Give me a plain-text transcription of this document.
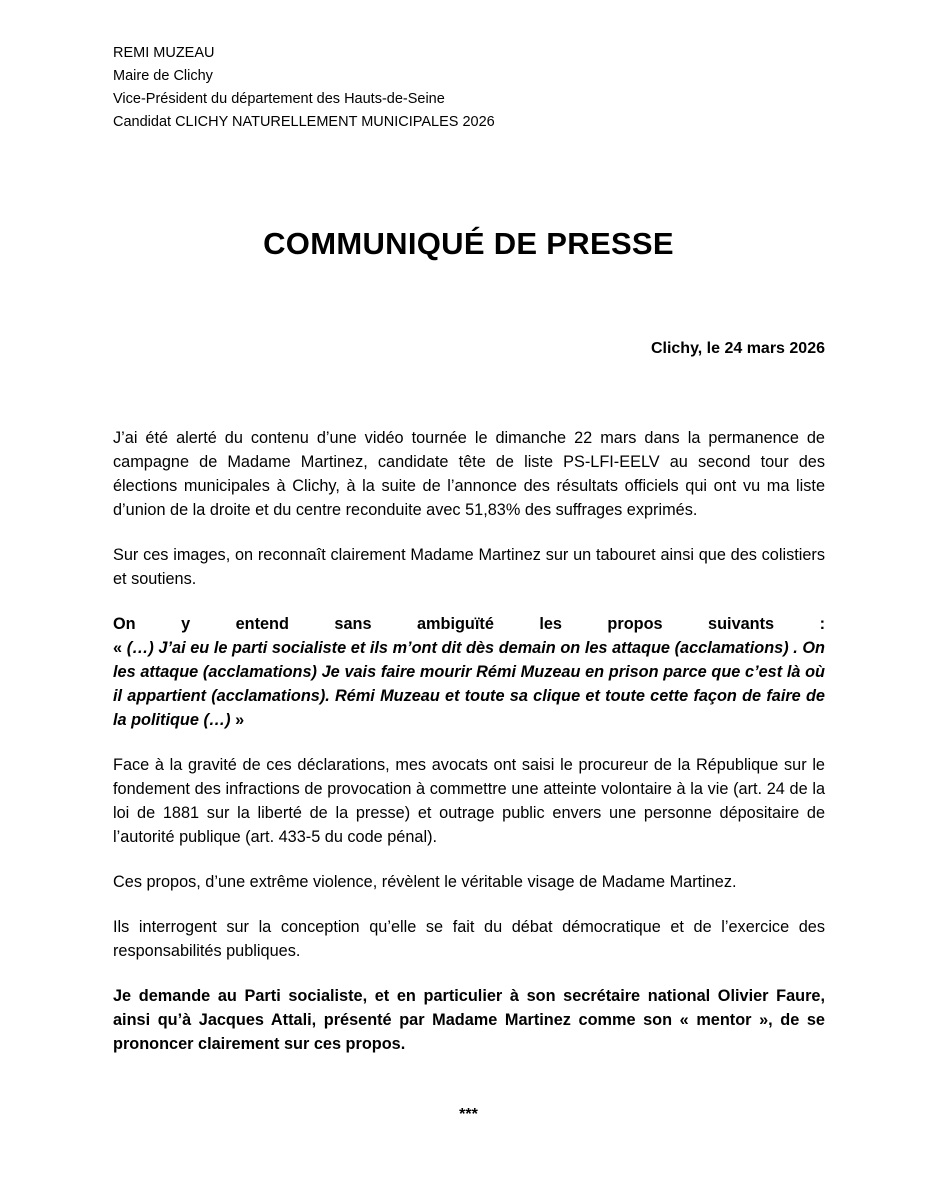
REMI MUZEAU
Maire de Clichy
Vice-Président du département des Hauts-de-Seine
Candidat CLICHY NATURELLEMENT MUNICIPALES 2026
COMMUNIQUÉ DE PRESSE
Clichy, le 24 mars 2026

J’ai été alerté du contenu d’une vidéo tournée le dimanche 22 mars dans la permanence de campagne de Madame Martinez, candidate tête de liste PS-LFI-EELV au second tour des élections municipales à Clichy, à la suite de l’annonce des résultats officiels qui ont vu ma liste d’union de la droite et du centre reconduite avec 51,83% des suffrages exprimés.

Sur ces images, on reconnaît clairement Madame Martinez sur un tabouret ainsi que des colistiers et soutiens.

On y entend sans ambiguïté les propos suivants :
« (…) J’ai eu le parti socialiste et ils m’ont dit dès demain on les attaque (acclamations) . On les attaque (acclamations) Je vais faire mourir Rémi Muzeau en prison parce que c’est là où il appartient (acclamations). Rémi Muzeau et toute sa clique et toute cette façon de faire de la politique (…) »

Face à la gravité de ces déclarations, mes avocats ont saisi le procureur de la République sur le fondement des infractions de provocation à commettre une atteinte volontaire à la vie (art. 24 de la loi de 1881 sur la liberté de la presse) et outrage public envers une personne dépositaire de l’autorité publique (art. 433-5 du code pénal).

Ces propos, d’une extrême violence, révèlent le véritable visage de Madame Martinez.

Ils interrogent sur la conception qu’elle se fait du débat démocratique et de l’exercice des responsabilités publiques.

Je demande au Parti socialiste, et en particulier à son secrétaire national Olivier Faure, ainsi qu’à Jacques Attali, présenté par Madame Martinez comme son « mentor », de se prononcer clairement sur ces propos.

***
